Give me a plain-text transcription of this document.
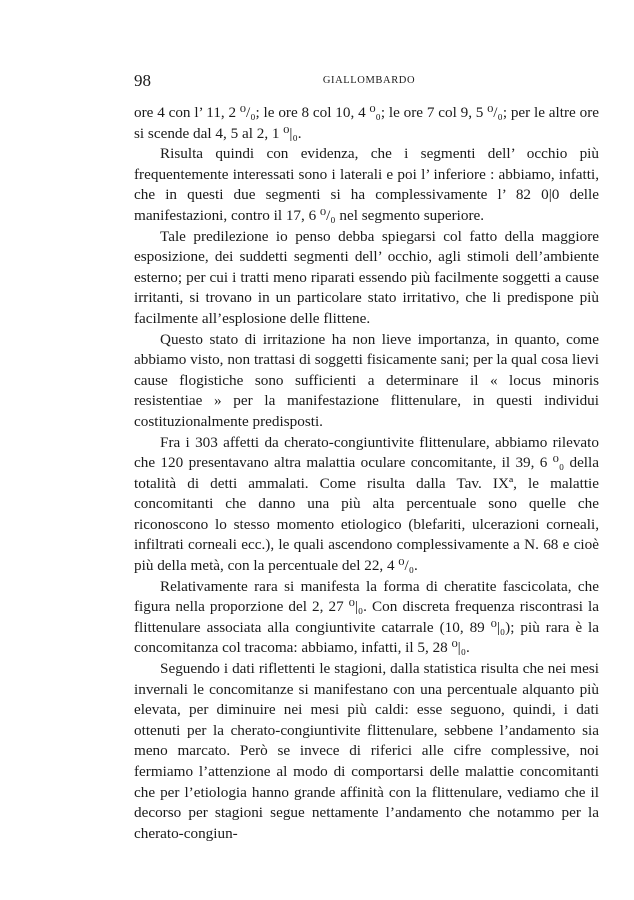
98	GIALLOMBARDO

ore 4 con l’ 11, 2 ⁰/₀; le ore 8 col 10, 4 ⁰₀; le ore 7 col 9, 5 ⁰/₀; per le altre ore si scende dal 4, 5 al 2, 1 ⁰|₀.

Risulta quindi con evidenza, che i segmenti dell’ occhio più frequentemente interessati sono i laterali e poi l’ inferiore : abbiamo, infatti, che in questi due segmenti si ha complessivamente l’ 82 0|0 delle manifestazioni, contro il 17, 6 ⁰/₀ nel segmento superiore.

Tale predilezione io penso debba spiegarsi col fatto della maggiore esposizione, dei suddetti segmenti dell’ occhio, agli stimoli dell’ambiente esterno; per cui i tratti meno riparati essendo più facilmente soggetti a cause irritanti, si trovano in un particolare stato irritativo, che li predispone più facilmente all’esplosione delle flittene.

Questo stato di irritazione ha non lieve importanza, in quanto, come abbiamo visto, non trattasi di soggetti fisicamente sani; per la qual cosa lievi cause flogistiche sono sufficienti a determinare il « locus minoris resistentiae » per la manifestazione flittenulare, in questi individui costituzionalmente predisposti.

Fra i 303 affetti da cherato-congiuntivite flittenulare, abbiamo rilevato che 120 presentavano altra malattia oculare concomitante, il 39, 6 ⁰₀ della totalità di detti ammalati. Come risulta dalla Tav. IXª, le malattie concomitanti che danno una più alta percentuale sono quelle che riconoscono lo stesso momento etiologico (blefariti, ulcerazioni corneali, infiltrati corneali ecc.), le quali ascendono complessivamente a N. 68 e cioè più della metà, con la percentuale del 22, 4 ⁰/₀.

Relativamente rara si manifesta la forma di cheratite fascicolata, che figura nella proporzione del 2, 27 ⁰|₀. Con discreta frequenza riscontrasi la flittenulare associata alla congiuntivite catarrale (10, 89 ⁰|₀); più rara è la concomitanza col tracoma: abbiamo, infatti, il 5, 28 ⁰|₀.

Seguendo i dati riflettenti le stagioni, dalla statistica risulta che nei mesi invernali le concomitanze si manifestano con una percentuale alquanto più elevata, per diminuire nei mesi più caldi: esse seguono, quindi, i dati ottenuti per la cherato-congiuntivite flittenulare, sebbene l’andamento sia meno marcato. Però se invece di riferici alle cifre complessive, noi fermiamo l’attenzione al modo di comportarsi delle malattie concomitanti che per l’etiologia hanno grande affinità con la flittenulare, vediamo che il decorso per stagioni segue nettamente l’andamento che notammo per la cherato-congiun-
